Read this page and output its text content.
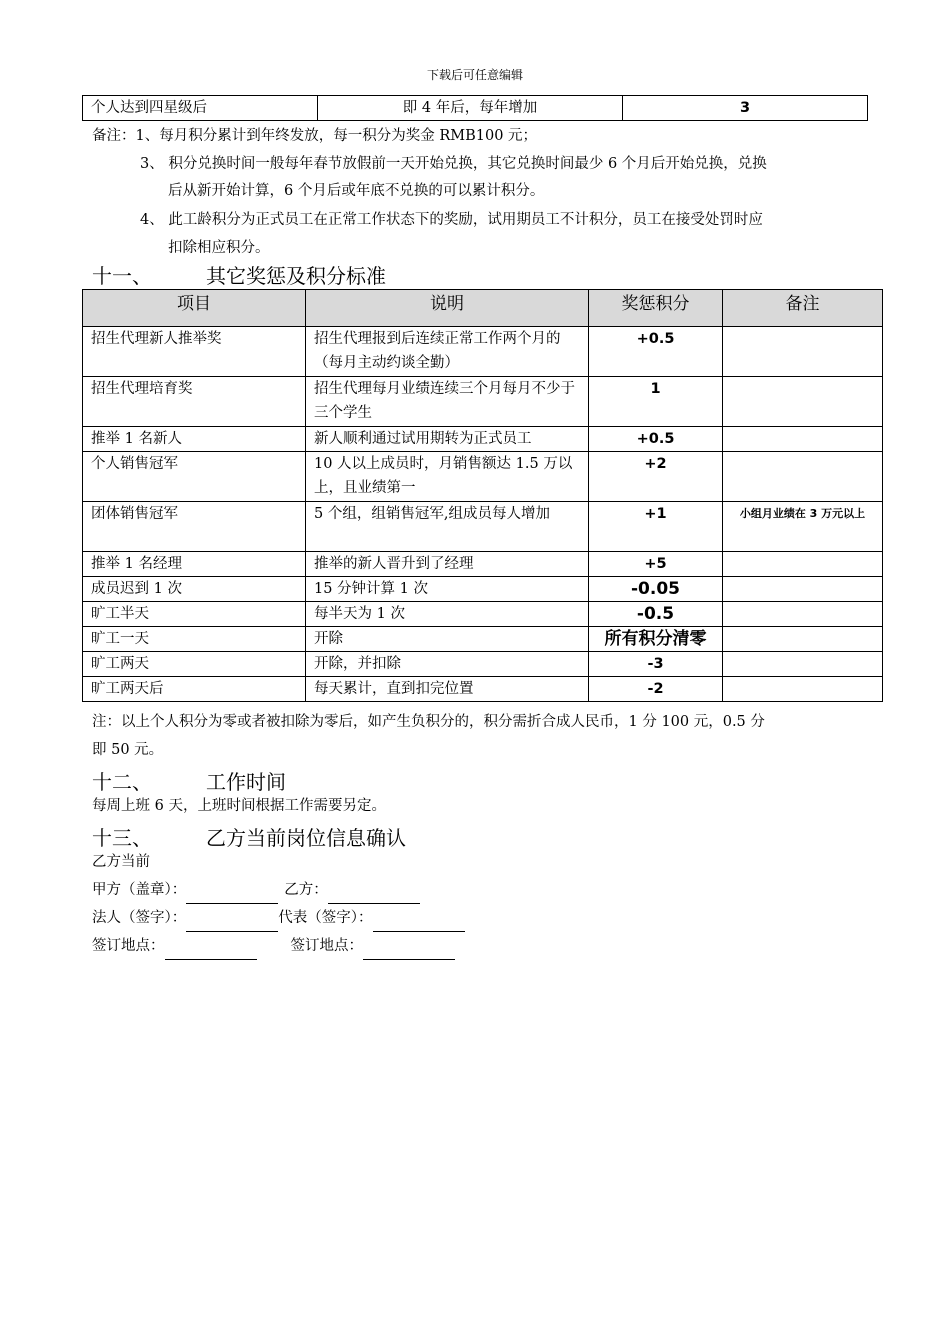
下载后可任意编辑
个人达到四星级后	即 4 年后，每年增加	3
备注：1、每月积分累计到年终发放，每一积分为奖金 RMB100 元；
3、 积分兑换时间一般每年春节放假前一天开始兑换，其它兑换时间最少 6 个月后开始兑换，兑换
后从新开始计算，6 个月后或年底不兑换的可以累计积分。
4、 此工龄积分为正式员工在正常工作状态下的奖励，试用期员工不计积分，员工在接受处罚时应
扣除相应积分。
十一、	其它奖惩及积分标准
项目	说明	奖惩积分	备注
招生代理新人推举奖	招生代理报到后连续正常工作两个月的（每月主动约谈全勤）	+0.5	
招生代理培育奖	招生代理每月业绩连续三个月每月不少于三个学生	1	
推举 1 名新人	新人顺利通过试用期转为正式员工	+0.5	
个人销售冠军	10 人以上成员时，月销售额达 1.5 万以上，且业绩第一	+2	
团体销售冠军	5 个组，组销售冠军,组成员每人增加	+1	小组月业绩在 3 万元以上
推举 1 名经理	推举的新人晋升到了经理	+5	
成员迟到 1 次	15 分钟计算 1 次	-0.05	
旷工半天	每半天为 1 次	-0.5	
旷工一天	开除	所有积分清零	
旷工两天	开除，并扣除	-3	
旷工两天后	每天累计，直到扣完位置	-2	
注：以上个人积分为零或者被扣除为零后，如产生负积分的，积分需折合成人民币，1 分 100 元，0.5 分
即 50 元。
十二、	工作时间
每周上班 6 天，上班时间根据工作需要另定。
十三、	乙方当前岗位信息确认
乙方当前
甲方（盖章）：	乙方：
法人（签字）：	代表（签字）：
签订地点：	签订地点：
